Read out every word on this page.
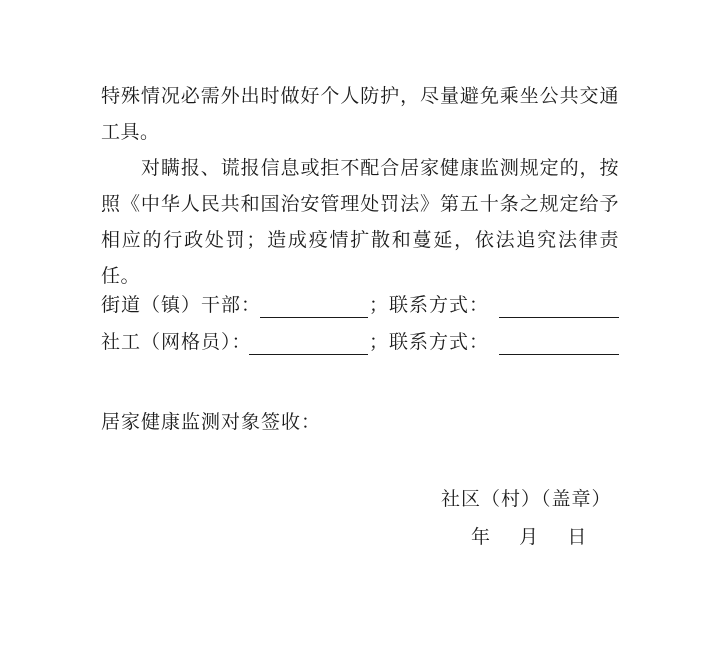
特殊情况必需外出时做好个人防护，尽量避免乘坐公共交通工具。

对瞒报、谎报信息或拒不配合居家健康监测规定的，按照《中华人民共和国治安管理处罚法》第五十条之规定给予相应的行政处罚；造成疫情扩散和蔓延，依法追究法律责任。

街道（镇）干部：	；联系方式：
社工（网格员）：	；联系方式：
居家健康监测对象签收：
社区（村）（盖章）
年    月    日
